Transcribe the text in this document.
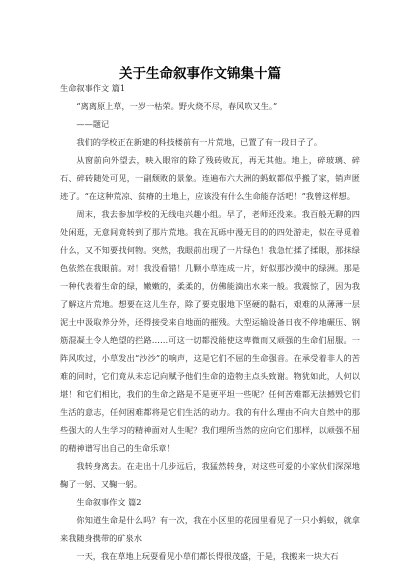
关于生命叙事作文锦集十篇

生命叙事作文 篇1

“离离原上草，一岁一枯荣。野火烧不尽，春风吹又生。”

——题记

我们的学校正在新建的科技楼前有一片荒地，已置了有一段日子了。

从窗前向外望去，映入眼帘的除了残砖败瓦，再无其他。地上，碎玻璃、碎石、碎砖随处可见，一副颓败的景象。连遍布六大洲的蚂蚁都似乎搬了家，销声匿迹了。“在这种荒凉、贫瘠的土地上，应该没有什么生命能存活吧！”我曾这样想。

周末，我去参加学校的无线电兴趣小组。早了，老师还没来。我百般无聊的四处闲逛，无意间竟转到了那片荒地。我在瓦砾中漫无目的的四处游走，似在寻觅着什么，又不知要找何物。突然，我眼前出现了一片绿色！我急忙揉了揉眼，那抹绿色依然在我眼前。对！我没看错！几颗小草连成一片，好似那沙漠中的绿洲。那是一种代表着生命的绿，嫩嫩的，柔柔的，仿佛能滴出水来一般。我震惊了，因为我了解这片荒地。想要在这儿生存，除了要克服地下坚硬的黏石，艰难的从薄薄一层泥土中汲取养分外，还得接受来自地面的摧残。大型运输设备日夜不停地碾压、钢筋混凝土令人绝望的拦路……可这一切都没能使这卑微而又顽强的生命们屈服。一阵风吹过，小草发出“沙沙”的响声，这是它们不屈的生命强音。在承受着非人的苦难的同时，它们竟从未忘记向赋予他们生命的造物主点头致谢。物犹如此，人何以堪！和它们相比，我们的生命之路是不是更平坦一些呢？任何苦难都无法撼毁它们生活的意志，任何困难都将是它们生活的动力。我的有什么理由不向大自然中的那些强大的人生学习的精神面对人生呢？我们理所当然的应向它们那样，以顽强不屈的精神谱写出自己的生命乐章！

我转身离去。在走出十几步远后，我猛然转身，对这些可爱的小家伙们深深地鞠了一躬、又鞠一躬。

生命叙事作文 篇2

你知道生命是什么吗？有一次，我在小区里的花园里看见了一只小蚂蚁，就拿来我随身携带的矿泉水

一天，我在草地上玩耍看见小草们都长得很茂盛，于是，我搬来一块大石
